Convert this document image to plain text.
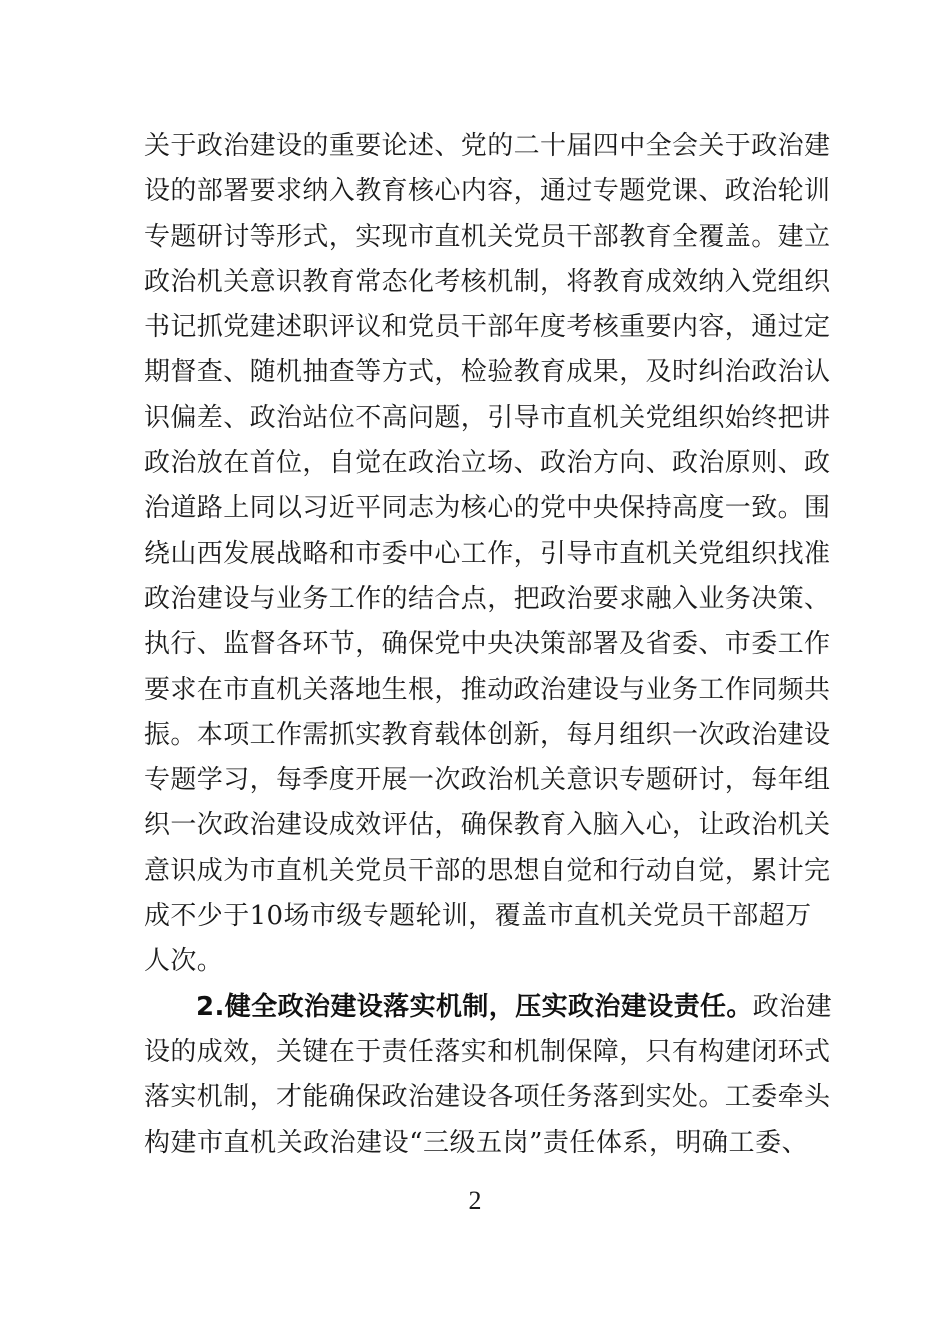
关于政治建设的重要论述、党的二十届四中全会关于政治建
设的部署要求纳入教育核心内容，通过专题党课、政治轮训
专题研讨等形式，实现市直机关党员干部教育全覆盖。建立
政治机关意识教育常态化考核机制，将教育成效纳入党组织
书记抓党建述职评议和党员干部年度考核重要内容，通过定
期督查、随机抽查等方式，检验教育成果，及时纠治政治认
识偏差、政治站位不高问题，引导市直机关党组织始终把讲
政治放在首位，自觉在政治立场、政治方向、政治原则、政
治道路上同以习近平同志为核心的党中央保持高度一致。围
绕山西发展战略和市委中心工作，引导市直机关党组织找准
政治建设与业务工作的结合点，把政治要求融入业务决策、
执行、监督各环节，确保党中央决策部署及省委、市委工作
要求在市直机关落地生根，推动政治建设与业务工作同频共
振。本项工作需抓实教育载体创新，每月组织一次政治建设
专题学习，每季度开展一次政治机关意识专题研讨，每年组
织一次政治建设成效评估，确保教育入脑入心，让政治机关
意识成为市直机关党员干部的思想自觉和行动自觉，累计完
成不少于10场市级专题轮训，覆盖市直机关党员干部超万
人次。
2.健全政治建设落实机制，压实政治建设责任。政治建
设的成效，关键在于责任落实和机制保障，只有构建闭环式
落实机制，才能确保政治建设各项任务落到实处。工委牵头
构建市直机关政治建设“三级五岗”责任体系，明确工委、
2
